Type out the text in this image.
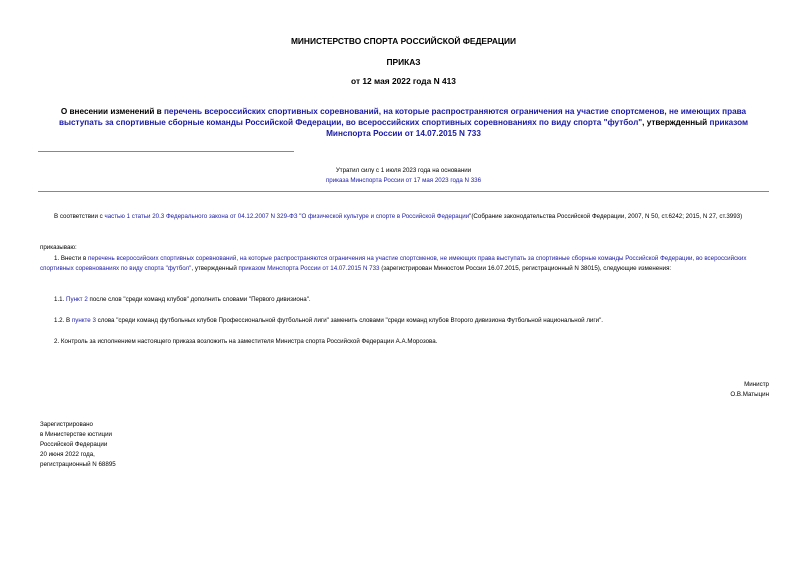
МИНИСТЕРСТВО СПОРТА РОССИЙСКОЙ ФЕДЕРАЦИИ
ПРИКАЗ
от 12 мая 2022 года N 413
О внесении изменений в перечень всероссийских спортивных соревнований, на которые распространяются ограничения на участие спортсменов, не имеющих права выступать за спортивные сборные команды Российской Федерации, во всероссийских спортивных соревнованиях по виду спорта "футбол", утвержденный приказом Минспорта России от 14.07.2015 N 733
Утратил силу с 1 июля 2023 года на основании
приказа Минспорта России от 17 мая 2023 года N 336
В соответствии с частью 1 статьи 20.3 Федерального закона от 04.12.2007 N 329-ФЗ "О физической культуре и спорте в Российской Федерации"(Собрание законодательства Российской Федерации, 2007, N 50, ст.6242; 2015, N 27, ст.3993)
приказываю:
1. Внести в перечень всероссийских спортивных соревнований, на которые распространяются ограничения на участие спортсменов, не имеющих права выступать за спортивные сборные команды Российской Федерации, во всероссийских спортивных соревнованиях по виду спорта "футбол", утвержденный приказом Минспорта России от 14.07.2015 N 733 (зарегистрирован Минюстом России 16.07.2015, регистрационный N 38015), следующие изменения:
1.1. Пункт 2 после слов "среди команд клубов" дополнить словами "Первого дивизиона".
1.2. В пункте 3 слова "среди команд футбольных клубов Профессиональной футбольной лиги" заменить словами "среди команд клубов Второго дивизиона Футбольной национальной лиги".
2. Контроль за исполнением настоящего приказа возложить на заместителя Министра спорта Российской Федерации А.А.Морозова.
Министр
О.В.Матыцин
Зарегистрировано
в Министерстве юстиции
Российской Федерации
20 июня 2022 года,
регистрационный N 68895
